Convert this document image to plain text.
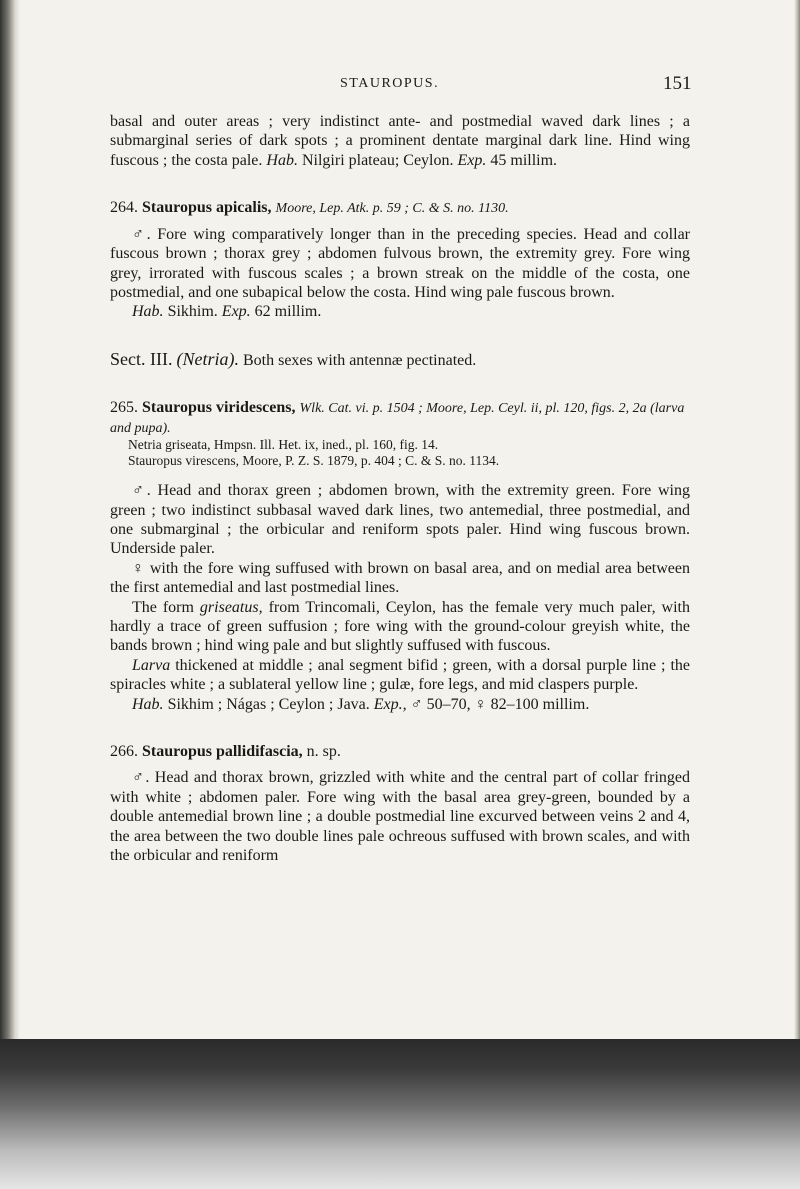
STAUROPUS.	151

basal and outer areas ; very indistinct ante- and postmedial waved dark lines ; a submarginal series of dark spots ; a prominent dentate marginal dark line. Hind wing fuscous ; the costa pale. Hab. Nilgiri plateau; Ceylon. Exp. 45 millim.

264. Stauropus apicalis, Moore, Lep. Atk. p. 59 ; C. & S. no. 1130.

♂. Fore wing comparatively longer than in the preceding species. Head and collar fuscous brown ; thorax grey ; abdomen fulvous brown, the extremity grey. Fore wing grey, irrorated with fuscous scales ; a brown streak on the middle of the costa, one postmedial, and one subapical below the costa. Hind wing pale fuscous brown.

Hab. Sikhim. Exp. 62 millim.

Sect. III. (Netria). Both sexes with antennæ pectinated.

265. Stauropus viridescens, Wlk. Cat. vi. p. 1504 ; Moore, Lep. Ceyl. ii, pl. 120, figs. 2, 2a (larva and pupa).

Netria griseata, Hmpsn. Ill. Het. ix, ined., pl. 160, fig. 14.

Stauropus virescens, Moore, P. Z. S. 1879, p. 404 ; C. & S. no. 1134.

♂. Head and thorax green ; abdomen brown, with the extremity green. Fore wing green ; two indistinct subbasal waved dark lines, two antemedial, three postmedial, and one submarginal ; the orbicular and reniform spots paler. Hind wing fuscous brown. Underside paler.

♀ with the fore wing suffused with brown on basal area, and on medial area between the first antemedial and last postmedial lines.

The form griseatus, from Trincomali, Ceylon, has the female very much paler, with hardly a trace of green suffusion ; fore wing with the ground-colour greyish white, the bands brown ; hind wing pale and but slightly suffused with fuscous.

Larva thickened at middle ; anal segment bifid ; green, with a dorsal purple line ; the spiracles white ; a sublateral yellow line ; gulæ, fore legs, and mid claspers purple.

Hab. Sikhim ; Nágas ; Ceylon ; Java. Exp., ♂ 50–70, ♀ 82–100 millim.

266. Stauropus pallidifascia, n. sp.

♂. Head and thorax brown, grizzled with white and the central part of collar fringed with white ; abdomen paler. Fore wing with the basal area grey-green, bounded by a double antemedial brown line ; a double postmedial line excurved between veins 2 and 4, the area between the two double lines pale ochreous suffused with brown scales, and with the orbicular and reniform
